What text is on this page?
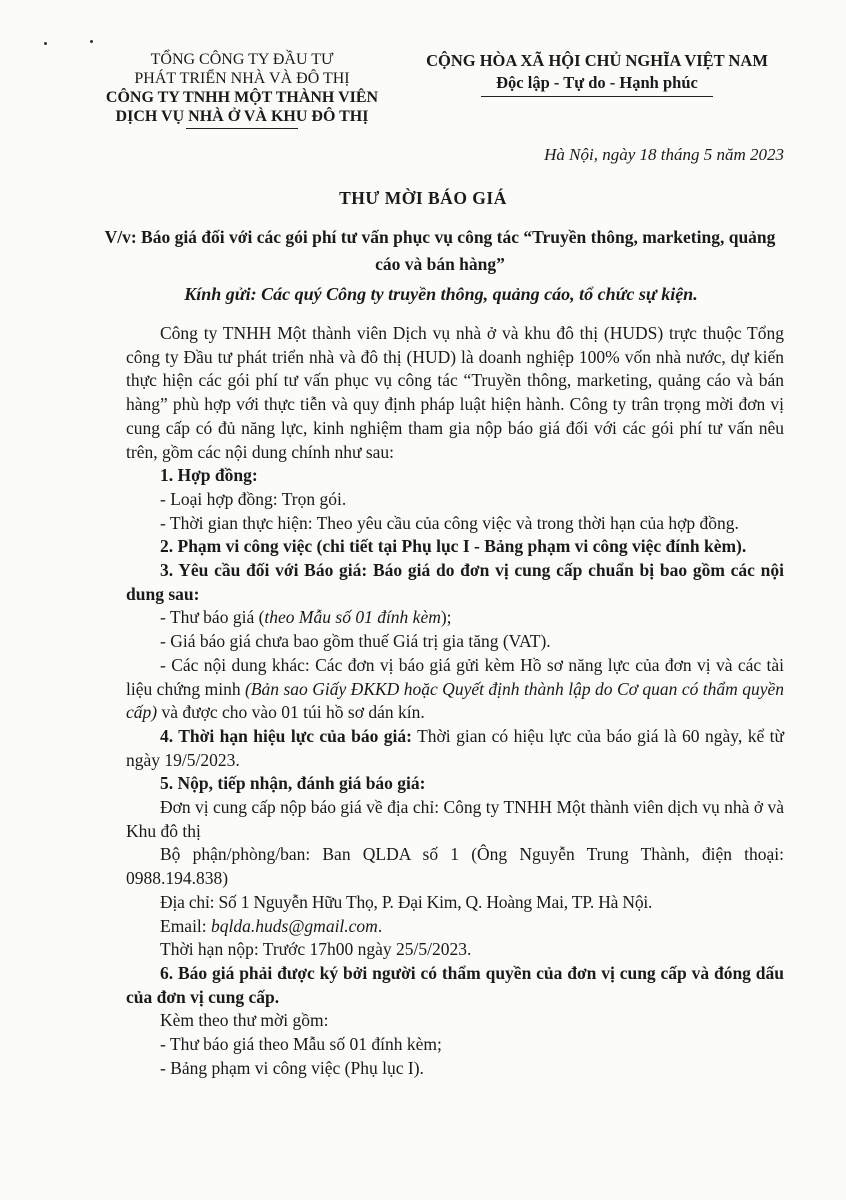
TỔNG CÔNG TY ĐẦU TƯ
PHÁT TRIỂN NHÀ VÀ ĐÔ THỊ
CÔNG TY TNHH MỘT THÀNH VIÊN
DỊCH VỤ NHÀ Ở VÀ KHU ĐÔ THỊ
CỘNG HÒA XÃ HỘI CHỦ NGHĨA VIỆT NAM
Độc lập - Tự do - Hạnh phúc
Hà Nội, ngày 18 tháng 5 năm 2023
THƯ MỜI BÁO GIÁ
V/v: Báo giá đối với các gói phí tư vấn phục vụ công tác “Truyền thông, marketing, quảng cáo và bán hàng”
Kính gửi: Các quý Công ty truyền thông, quảng cáo, tổ chức sự kiện.

Công ty TNHH Một thành viên Dịch vụ nhà ở và khu đô thị (HUDS) trực thuộc Tổng công ty Đầu tư phát triển nhà và đô thị (HUD) là doanh nghiệp 100% vốn nhà nước, dự kiến thực hiện các gói phí tư vấn phục vụ công tác “Truyền thông, marketing, quảng cáo và bán hàng” phù hợp với thực tiễn và quy định pháp luật hiện hành. Công ty trân trọng mời đơn vị cung cấp có đủ năng lực, kinh nghiệm tham gia nộp báo giá đối với các gói phí tư vấn nêu trên, gồm các nội dung chính như sau:

1. Hợp đồng:

- Loại hợp đồng: Trọn gói.

- Thời gian thực hiện: Theo yêu cầu của công việc và trong thời hạn của hợp đồng.

2. Phạm vi công việc (chi tiết tại Phụ lục I - Bảng phạm vi công việc đính kèm).

3. Yêu cầu đối với Báo giá: Báo giá do đơn vị cung cấp chuẩn bị bao gồm các nội dung sau:

- Thư báo giá (theo Mẫu số 01 đính kèm);

- Giá báo giá chưa bao gồm thuế Giá trị gia tăng (VAT).

- Các nội dung khác: Các đơn vị báo giá gửi kèm Hồ sơ năng lực của đơn vị và các tài liệu chứng minh (Bản sao Giấy ĐKKD hoặc Quyết định thành lập do Cơ quan có thẩm quyền cấp) và được cho vào 01 túi hồ sơ dán kín.

4. Thời hạn hiệu lực của báo giá: Thời gian có hiệu lực của báo giá là 60 ngày, kể từ ngày 19/5/2023.

5. Nộp, tiếp nhận, đánh giá báo giá:

Đơn vị cung cấp nộp báo giá về địa chỉ: Công ty TNHH Một thành viên dịch vụ nhà ở và Khu đô thị

Bộ phận/phòng/ban: Ban QLDA số 1 (Ông Nguyễn Trung Thành, điện thoại: 0988.194.838)

Địa chỉ: Số 1 Nguyễn Hữu Thọ, P. Đại Kim, Q. Hoàng Mai, TP. Hà Nội.

Email: bqlda.huds@gmail.com.

Thời hạn nộp: Trước 17h00 ngày 25/5/2023.

6. Báo giá phải được ký bởi người có thẩm quyền của đơn vị cung cấp và đóng dấu của đơn vị cung cấp.

Kèm theo thư mời gồm:

- Thư báo giá theo Mẫu số 01 đính kèm;

- Bảng phạm vi công việc (Phụ lục I).
